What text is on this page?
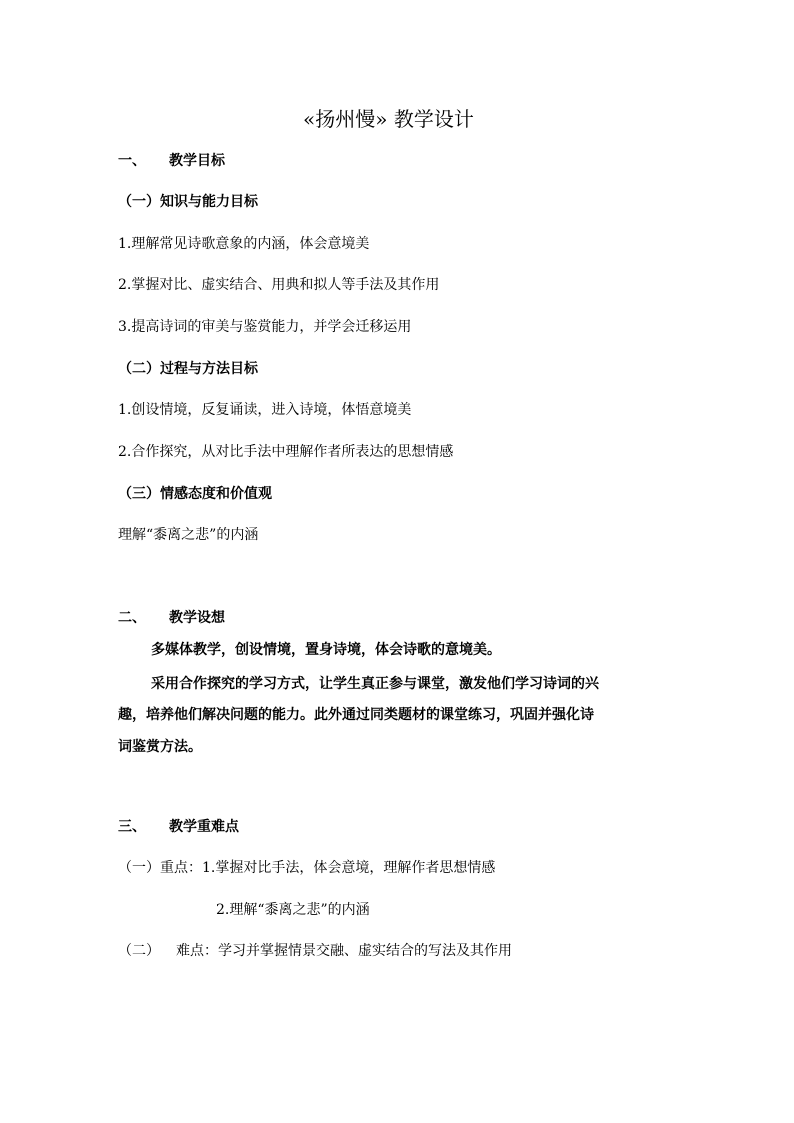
«扬州慢» 教学设计
一、 教学目标
（一）知识与能力目标
1.理解常见诗歌意象的内涵，体会意境美
2.掌握对比、虚实结合、用典和拟人等手法及其作用
3.提高诗词的审美与鉴赏能力，并学会迁移运用
（二）过程与方法目标
1.创设情境，反复诵读，进入诗境，体悟意境美
2.合作探究，从对比手法中理解作者所表达的思想情感
（三）情感态度和价值观
理解“黍离之悲”的内涵
二、 教学设想
多媒体教学，创设情境，置身诗境，体会诗歌的意境美。
采用合作探究的学习方式，让学生真正参与课堂，激发他们学习诗词的兴
趣，培养他们解决问题的能力。此外通过同类题材的课堂练习，巩固并强化诗
词鉴赏方法。
三、 教学重难点
（一）重点：1.掌握对比手法，体会意境，理解作者思想情感
2.理解“黍离之悲”的内涵
（二） 难点：学习并掌握情景交融、虚实结合的写法及其作用
